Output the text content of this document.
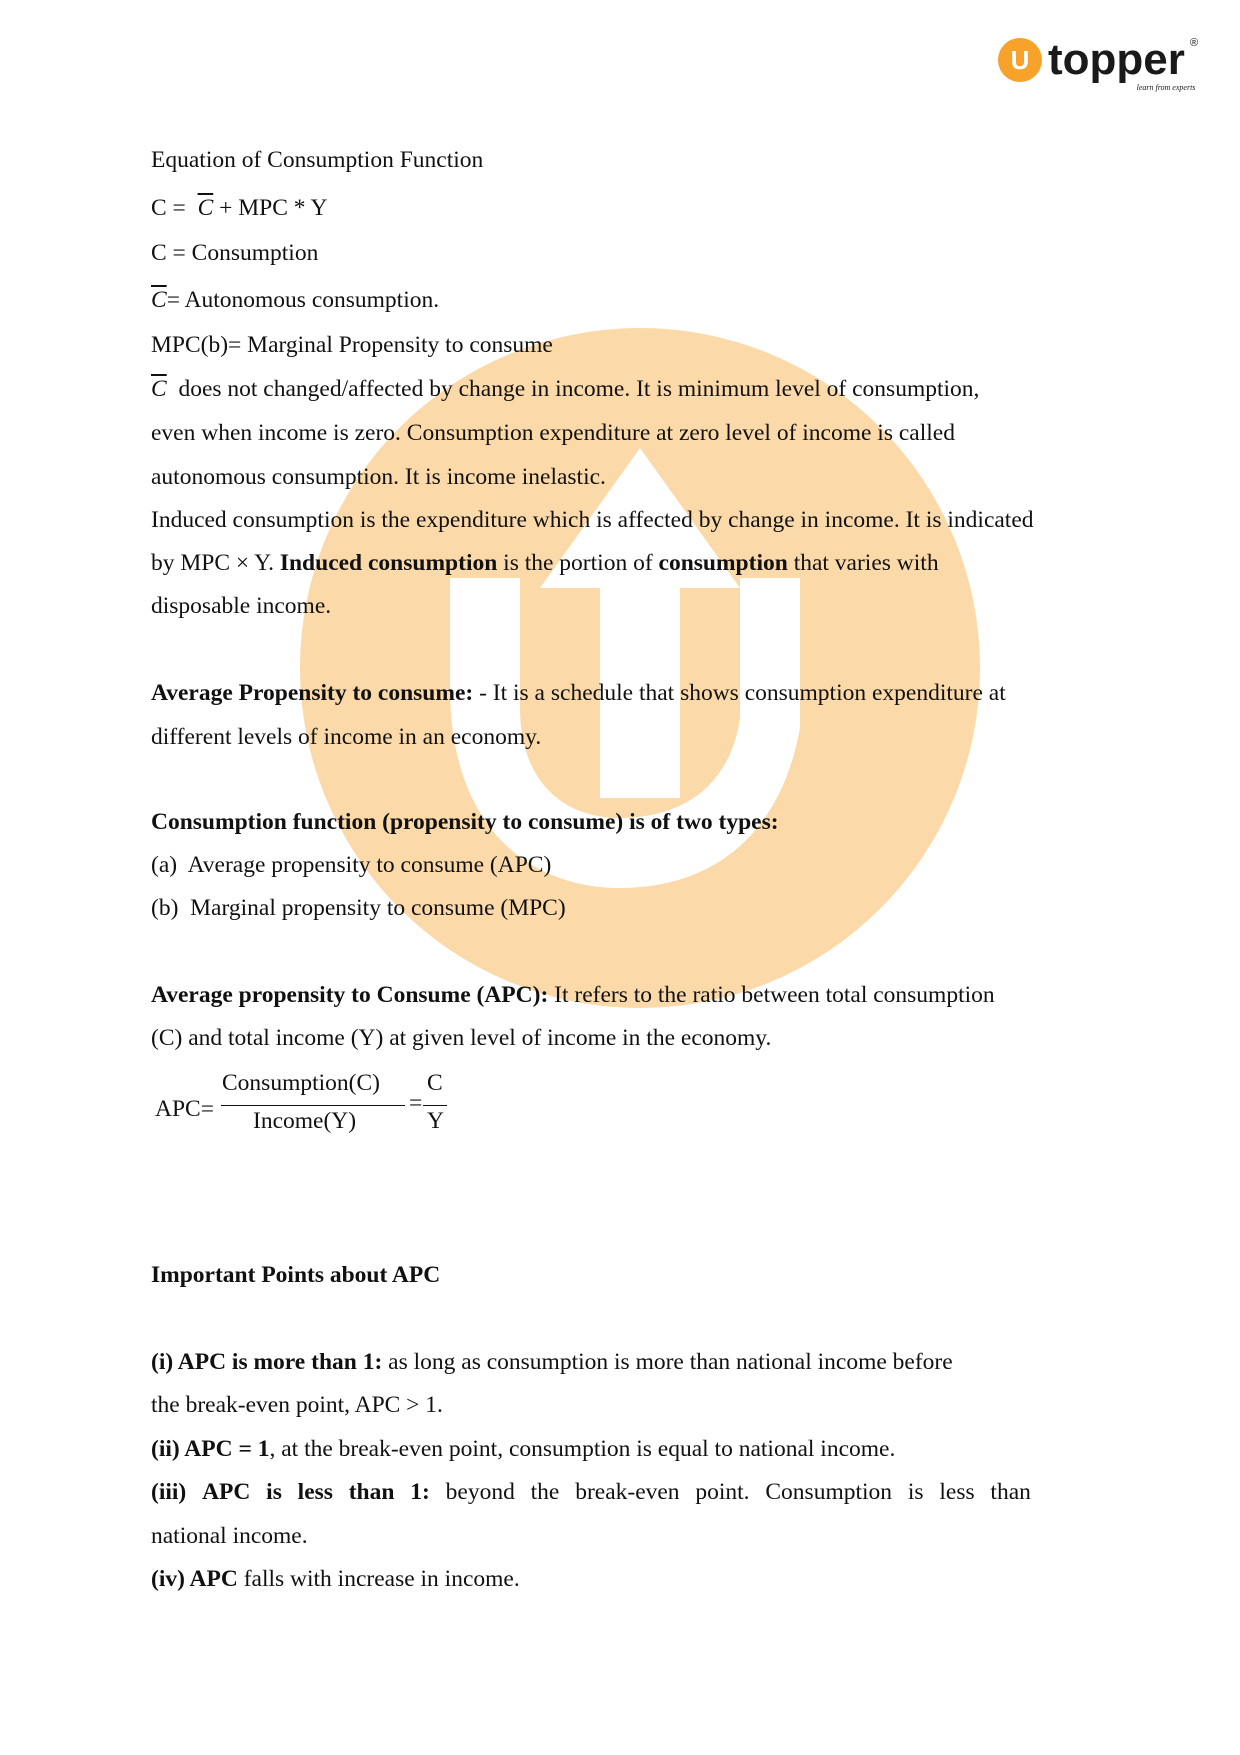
U topper ®
learn from experts
Equation of Consumption Function
$C = \overline{C}$ + MPC * Y
C = Consumption
$\overline{C}=$ Autonomous consumption.
MPC(b)= Marginal Propensity to consume
$\overline{C}$ does not changed/affected by change in income. It is minimum level of consumption,
even when income is zero. Consumption expenditure at zero level of income is called
autonomous consumption. It is income inelastic.
Induced consumption is the expenditure which is affected by change in income. It is indicated
by MPC × Y. Induced consumption is the portion of consumption that varies with
disposable income.
Average Propensity to consume: - It is a schedule that shows consumption expenditure at
different levels of income in an economy.
Consumption function (propensity to consume) is of two types:
(a) Average propensity to consume (APC)
(b) Marginal propensity to consume (MPC)
Average propensity to Consume (APC): It refers to the ratio between total consumption
(C) and total income (Y) at given level of income in the economy.
APC=
Consumption(C)
Income(Y)
=
C
Y
Important Points about APC
(i) APC is more than 1: as long as consumption is more than national income before
the break-even point, APC > 1.
(ii) APC = 1, at the break-even point, consumption is equal to national income.
(iii) APC is less than 1: beyond the break-even point. Consumption is less than
national income.
(iv) APC falls with increase in income.
